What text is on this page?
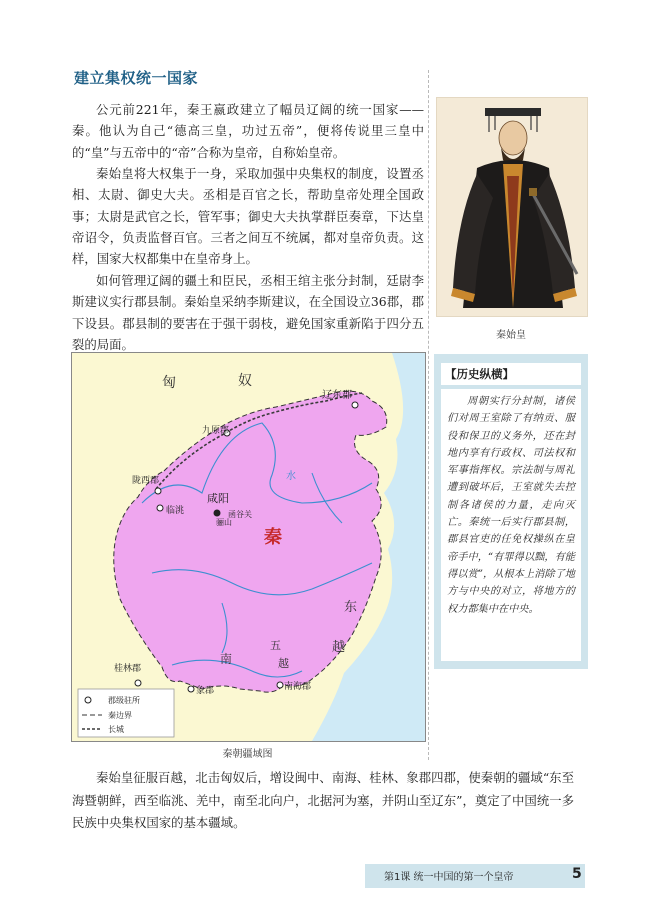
建立集权统一国家

公元前221年，秦王嬴政建立了幅员辽阔的统一国家——秦。他认为自己“德高三皇，功过五帝”，便将传说里三皇中的“皇”与五帝中的“帝”合称为皇帝，自称始皇帝。

秦始皇将大权集于一身，采取加强中央集权的制度，设置丞相、太尉、御史大夫。丞相是百官之长，帮助皇帝处理全国政事；太尉是武官之长，管军事；御史大夫执掌群臣奏章，下达皇帝诏令，负责监督百官。三者之间互不统属，都对皇帝负责。这样，国家大权都集中在皇帝身上。

如何管理辽阔的疆土和臣民，丞相王绾主张分封制，廷尉李斯建议实行郡县制。秦始皇采纳李斯建议，在全国设立36郡，郡下设县。郡县制的要害在于强干弱枝，避免国家重新陷于四分五裂的局面。

秦始皇
【历史纵横】

周朝实行分封制，诸侯们对周王室除了有纳贡、服役和保卫的义务外，还在封地内享有行政权、司法权和军事指挥权。宗法制与周礼遭到破坏后，王室就失去控制各诸侯的力量，走向灭亡。秦统一后实行郡县制，郡县官吏的任免权操纵在皇帝手中，“有罪得以黜，有能得以赏”，从根本上消除了地方与中央的对立，将地方的权力都集中在中央。

匈	奴
辽东郡
九原郡
陇西郡
临洮
咸阳
骊山
函谷关
秦
东
越
五
越
桂林郡
南
南海郡
象郡
水
郡级驻所
秦边界
长城
秦朝疆域图

秦始皇征服百越，北击匈奴后，增设闽中、南海、桂林、象郡四郡，使秦朝的疆域“东至海暨朝鲜，西至临洮、羌中，南至北向户，北据河为塞，并阴山至辽东”，奠定了中国统一多民族中央集权国家的基本疆域。

第1课 统一中国的第一个皇帝	5
